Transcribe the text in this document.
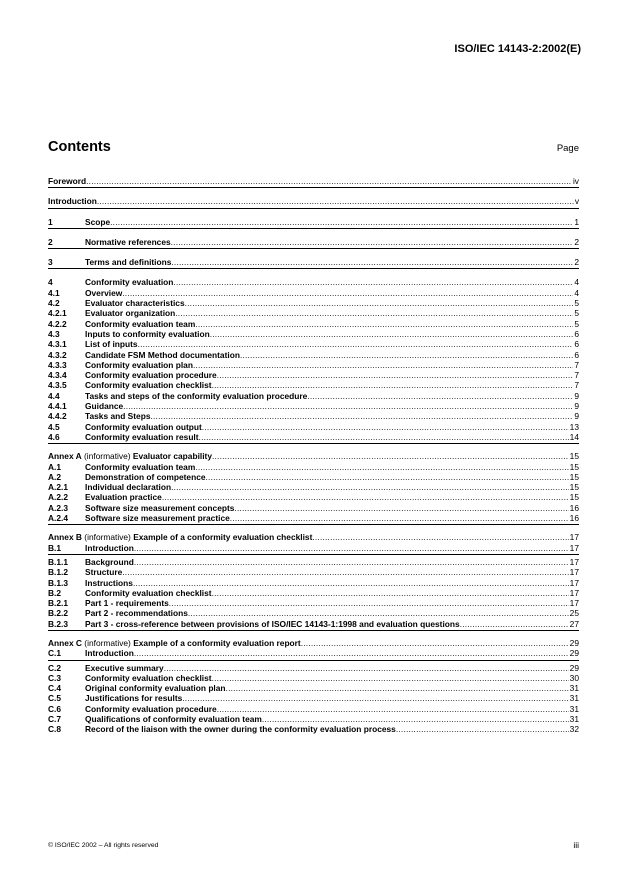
ISO/IEC 14143-2:2002(E)
Contents	Page
Foreword .....	iv
Introduction .....	v
1	Scope .....	1
2	Normative references .....	2
3	Terms and definitions .....	2
4	Conformity evaluation .....	4
4.1	Overview .....	4
4.2	Evaluator characteristics .....	5
4.2.1	Evaluator organization .....	5
4.2.2	Conformity evaluation team .....	5
4.3	Inputs to conformity evaluation .....	6
4.3.1	List of inputs .....	6
4.3.2	Candidate FSM Method documentation .....	6
4.3.3	Conformity evaluation plan .....	7
4.3.4	Conformity evaluation procedure .....	7
4.3.5	Conformity evaluation checklist .....	7
4.4	Tasks and steps of the conformity evaluation procedure .....	9
4.4.1	Guidance .....	9
4.4.2	Tasks and Steps .....	9
4.5	Conformity evaluation output .....	13
4.6	Conformity evaluation result .....	14
Annex A (informative) Evaluator capability .....	15
A.1	Conformity evaluation team .....	15
A.2	Demonstration of competence .....	15
A.2.1	Individual declaration .....	15
A.2.2	Evaluation practice .....	15
A.2.3	Software size measurement concepts .....	16
A.2.4	Software size measurement practice .....	16
Annex B (informative) Example of a conformity evaluation checklist .....	17
B.1	Introduction .....	17
B.1.1	Background .....	17
B.1.2	Structure .....	17
B.1.3	Instructions .....	17
B.2	Conformity evaluation checklist .....	17
B.2.1	Part 1 - requirements .....	17
B.2.2	Part 2 - recommendations .....	25
B.2.3	Part 3 - cross-reference between provisions of ISO/IEC 14143-1:1998 and evaluation questions .....	27
Annex C (informative) Example of a conformity evaluation report .....	29
C.1	Introduction .....	29
C.2	Executive summary .....	29
C.3	Conformity evaluation checklist .....	30
C.4	Original conformity evaluation plan .....	31
C.5	Justifications for results .....	31
C.6	Conformity evaluation procedure .....	31
C.7	Qualifications of conformity evaluation team .....	31
C.8	Record of the liaison with the owner during the conformity evaluation process .....	32
© ISO/IEC 2002 – All rights reserved	iii
